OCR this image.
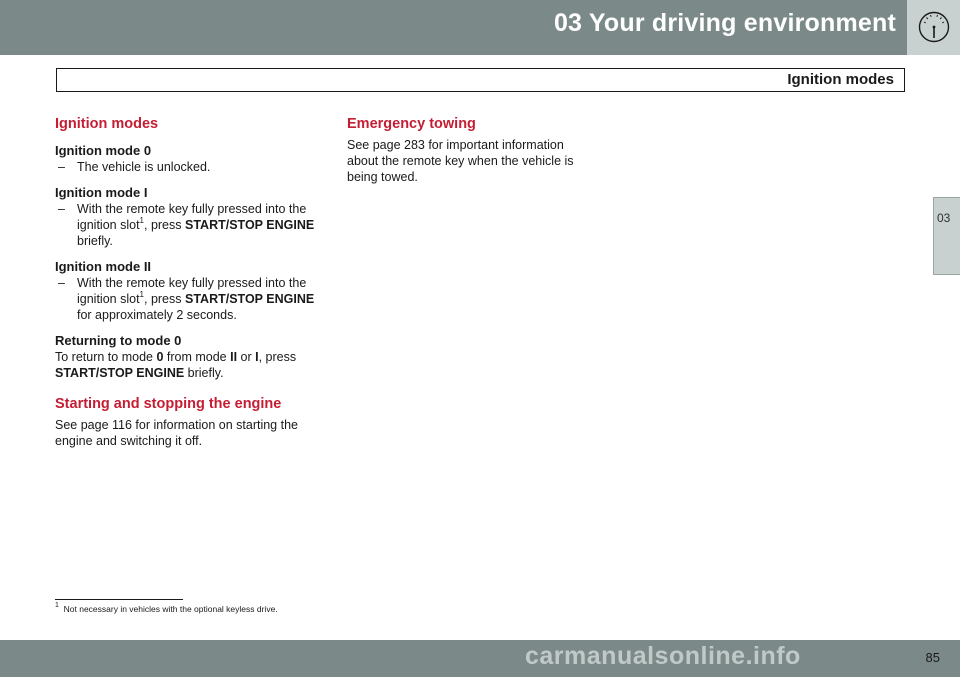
03 Your driving environment
Ignition modes
03
Ignition modes
Ignition mode 0
– The vehicle is unlocked.
Ignition mode I
– With the remote key fully pressed into the ignition slot$^1$, press START/STOP ENGINE briefly.
Ignition mode II
– With the remote key fully pressed into the ignition slot$^1$, press START/STOP ENGINE for approximately 2 seconds.
Returning to mode 0

To return to mode 0 from mode II or I, press START/STOP ENGINE briefly.

Starting and stopping the engine

See page 116 for information on starting the engine and switching it off.

Emergency towing

See page 283 for important information about the remote key when the vehicle is being towed.

$^1$ Not necessary in vehicles with the optional keyless drive.
85
carmanualsonline.info
